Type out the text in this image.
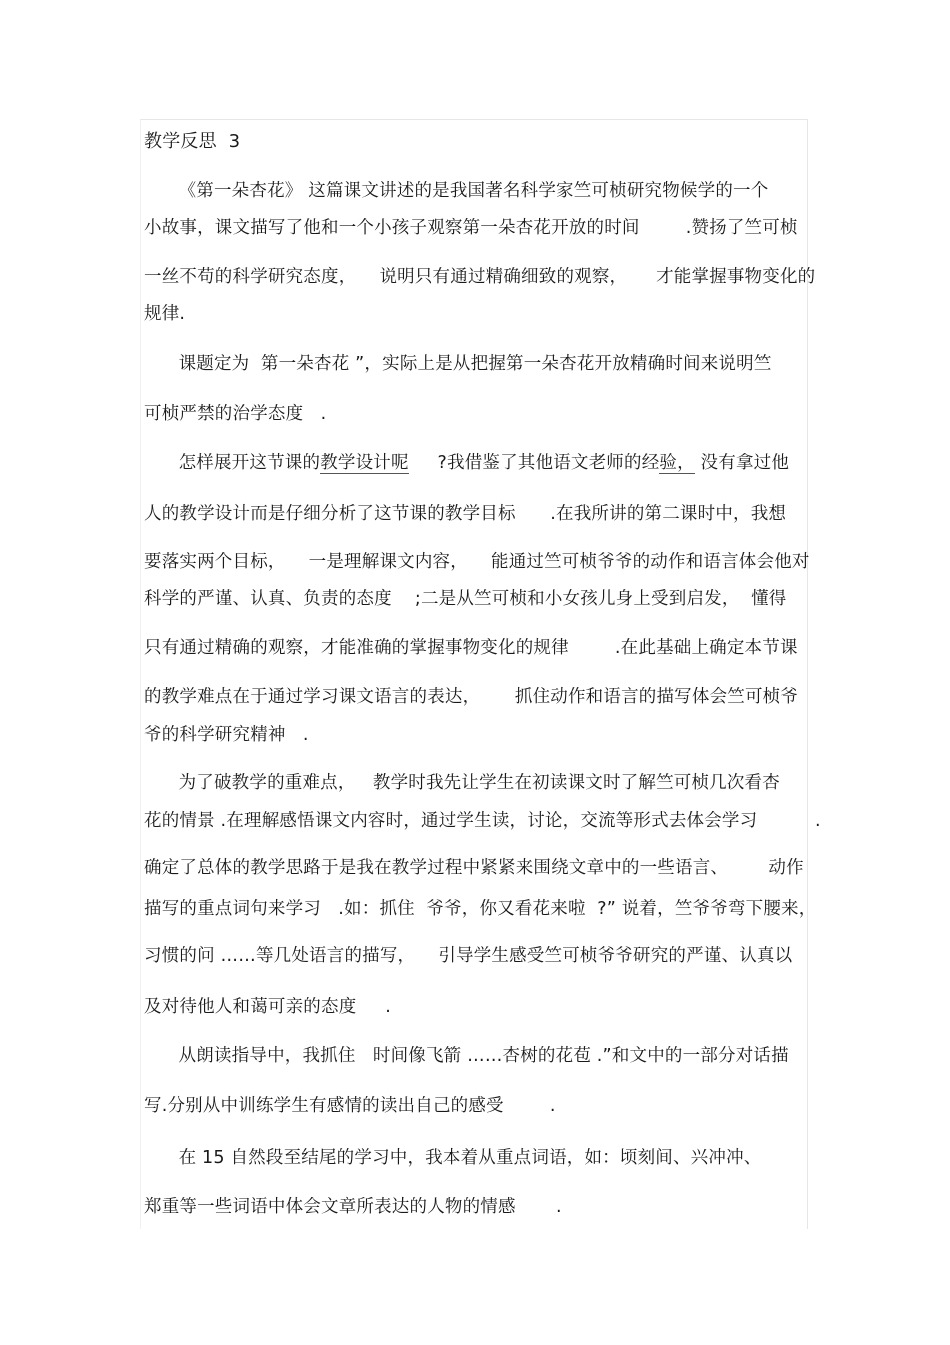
教学反思  3
《第一朵杏花》 这篇课文讲述的是我国著名科学家竺可桢研究物候学的一个
小故事，课文描写了他和一个小孩子观察第一朵杏花开放的时间        .赞扬了竺可桢
一丝不苟的科学研究态度，    说明只有通过精确细致的观察，     才能掌握事物变化的
规律.
课题定为  第一朵杏花 ”，实际上是从把握第一朵杏花开放精确时间来说明竺
可桢严禁的治学态度   .
怎样展开这节课的教学设计呢     ?我借鉴了其他语文老师的经验， 没有拿过他
人的教学设计而是仔细分析了这节课的教学目标      .在我所讲的第二课时中，我想
要落实两个目标，    一是理解课文内容，    能通过竺可桢爷爷的动作和语言体会他对
科学的严谨、认真、负责的态度    ;二是从竺可桢和小女孩儿身上受到启发，  懂得
只有通过精确的观察，才能准确的掌握事物变化的规律        .在此基础上确定本节课
的教学难点在于通过学习课文语言的表达，      抓住动作和语言的描写体会竺可桢爷
爷的科学研究精神   .
为了破教学的重难点，   教学时我先让学生在初读课文时了解竺可桢几次看杏
花的情景 .在理解感悟课文内容时，通过学生读，讨论，交流等形式去体会学习          .
确定了总体的教学思路于是我在教学过程中紧紧来围绕文章中的一些语言、       动作
描写的重点词句来学习   .如：抓住  爷爷，你又看花来啦  ?” 说着，竺爷爷弯下腰来，
习惯的问 ……等几处语言的描写，    引导学生感受竺可桢爷爷研究的严谨、认真以
及对待他人和蔼可亲的态度     .
从朗读指导中，我抓住   时间像飞箭 ……杏树的花苞 .”和文中的一部分对话描
写.分别从中训练学生有感情的读出自己的感受        .
在 15 自然段至结尾的学习中，我本着从重点词语，如：顷刻间、兴冲冲、
郑重等一些词语中体会文章所表达的人物的情感       .
